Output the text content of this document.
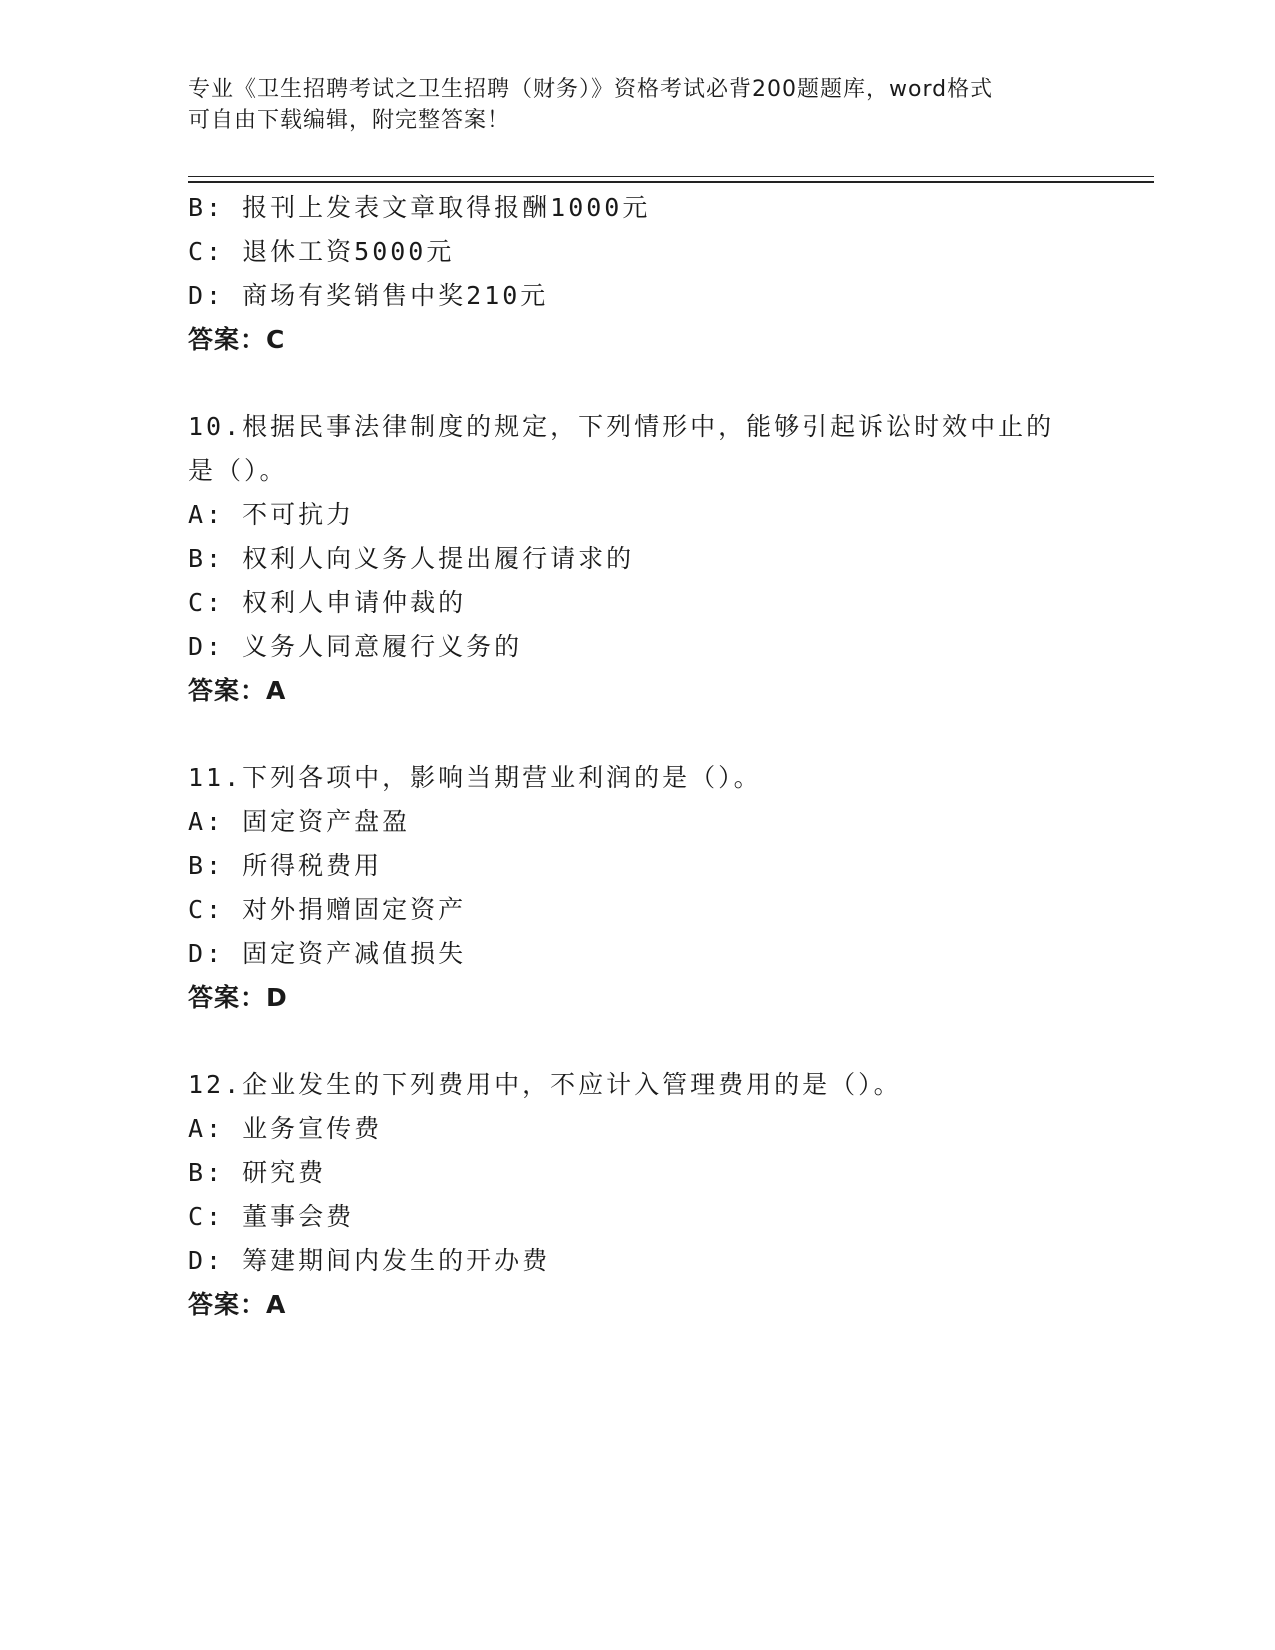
专业《卫生招聘考试之卫生招聘（财务）》资格考试必背200题题库，word格式
可自由下载编辑，附完整答案！
B: 报刊上发表文章取得报酬1000元
C: 退休工资5000元
D: 商场有奖销售中奖210元
答案：C
10.根据民事法律制度的规定，下列情形中，能够引起诉讼时效中止的
是（）。
A: 不可抗力
B: 权利人向义务人提出履行请求的
C: 权利人申请仲裁的
D: 义务人同意履行义务的
答案：A
11.下列各项中，影响当期营业利润的是（）。
A: 固定资产盘盈
B: 所得税费用
C: 对外捐赠固定资产
D: 固定资产减值损失
答案：D
12.企业发生的下列费用中，不应计入管理费用的是（）。
A: 业务宣传费
B: 研究费
C: 董事会费
D: 筹建期间内发生的开办费
答案：A
